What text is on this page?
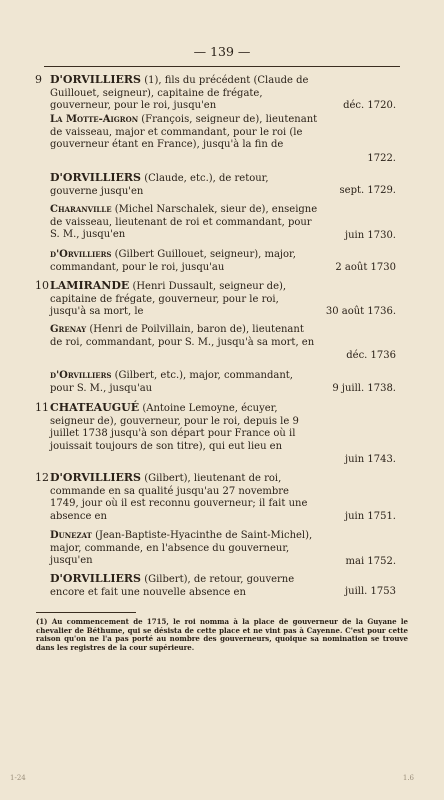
— 139 —
9 D'ORVILLIERS (1), fils du précédent (Claude de Guillouet, seigneur), capitaine de frégate, gouverneur, pour le roi, jusqu'en	déc. 1720.
La Motte-Aigron (François, seigneur de), lieutenant de vaisseau, major et commandant, pour le roi (le gouverneur étant en France), jusqu'à la fin de
1722.
D'ORVILLIERS (Claude, etc.), de retour, gouverne jusqu'en	sept. 1729.
Charanville (Michel Narschalek, sieur de), enseigne de vaisseau, lieutenant de roi et commandant, pour S. M., jusqu'en	juin 1730.
d'Orvilliers (Gilbert Guillouet, seigneur), major, commandant, pour le roi, jusqu'au	2 août 1730
10 LAMIRANDE (Henri Dussault, seigneur de), capitaine de frégate, gouverneur, pour le roi, jusqu'à sa mort, le	30 août 1736.
Grenay (Henri de Poilvillain, baron de), lieutenant de roi, commandant, pour S. M., jusqu'à sa mort, en
déc. 1736
d'Orvilliers (Gilbert, etc.), major, commandant, pour S. M., jusqu'au	9 juill. 1738.
11 CHATEAUGUÉ (Antoine Lemoyne, écuyer, seigneur de), gouverneur, pour le roi, depuis le 9 juillet 1738 jusqu'à son départ pour France où il jouissait toujours de son titre), qui eut lieu en
juin 1743.
12 D'ORVILLIERS (Gilbert), lieutenant de roi, commande en sa qualité jusqu'au 27 novembre 1749, jour où il est reconnu gouverneur; il fait une absence en	juin 1751.
Dunezat (Jean-Baptiste-Hyacinthe de Saint-Michel), major, commande, en l'absence du gouverneur, jusqu'en	mai 1752.
D'ORVILLIERS (Gilbert), de retour, gouverne encore et fait une nouvelle absence en	juill. 1753
(1) Au commencement de 1715, le roi nomma à la place de gouverneur de la Guyane le chevalier de Béthume, qui se désista de cette place et ne vint pas à Cayenne. C'est pour cette raison qu'on ne l'a pas porté au nombre des gouverneurs, quoique sa nomination se trouve dans les registres de la cour supérieure.
1-24	1.6
